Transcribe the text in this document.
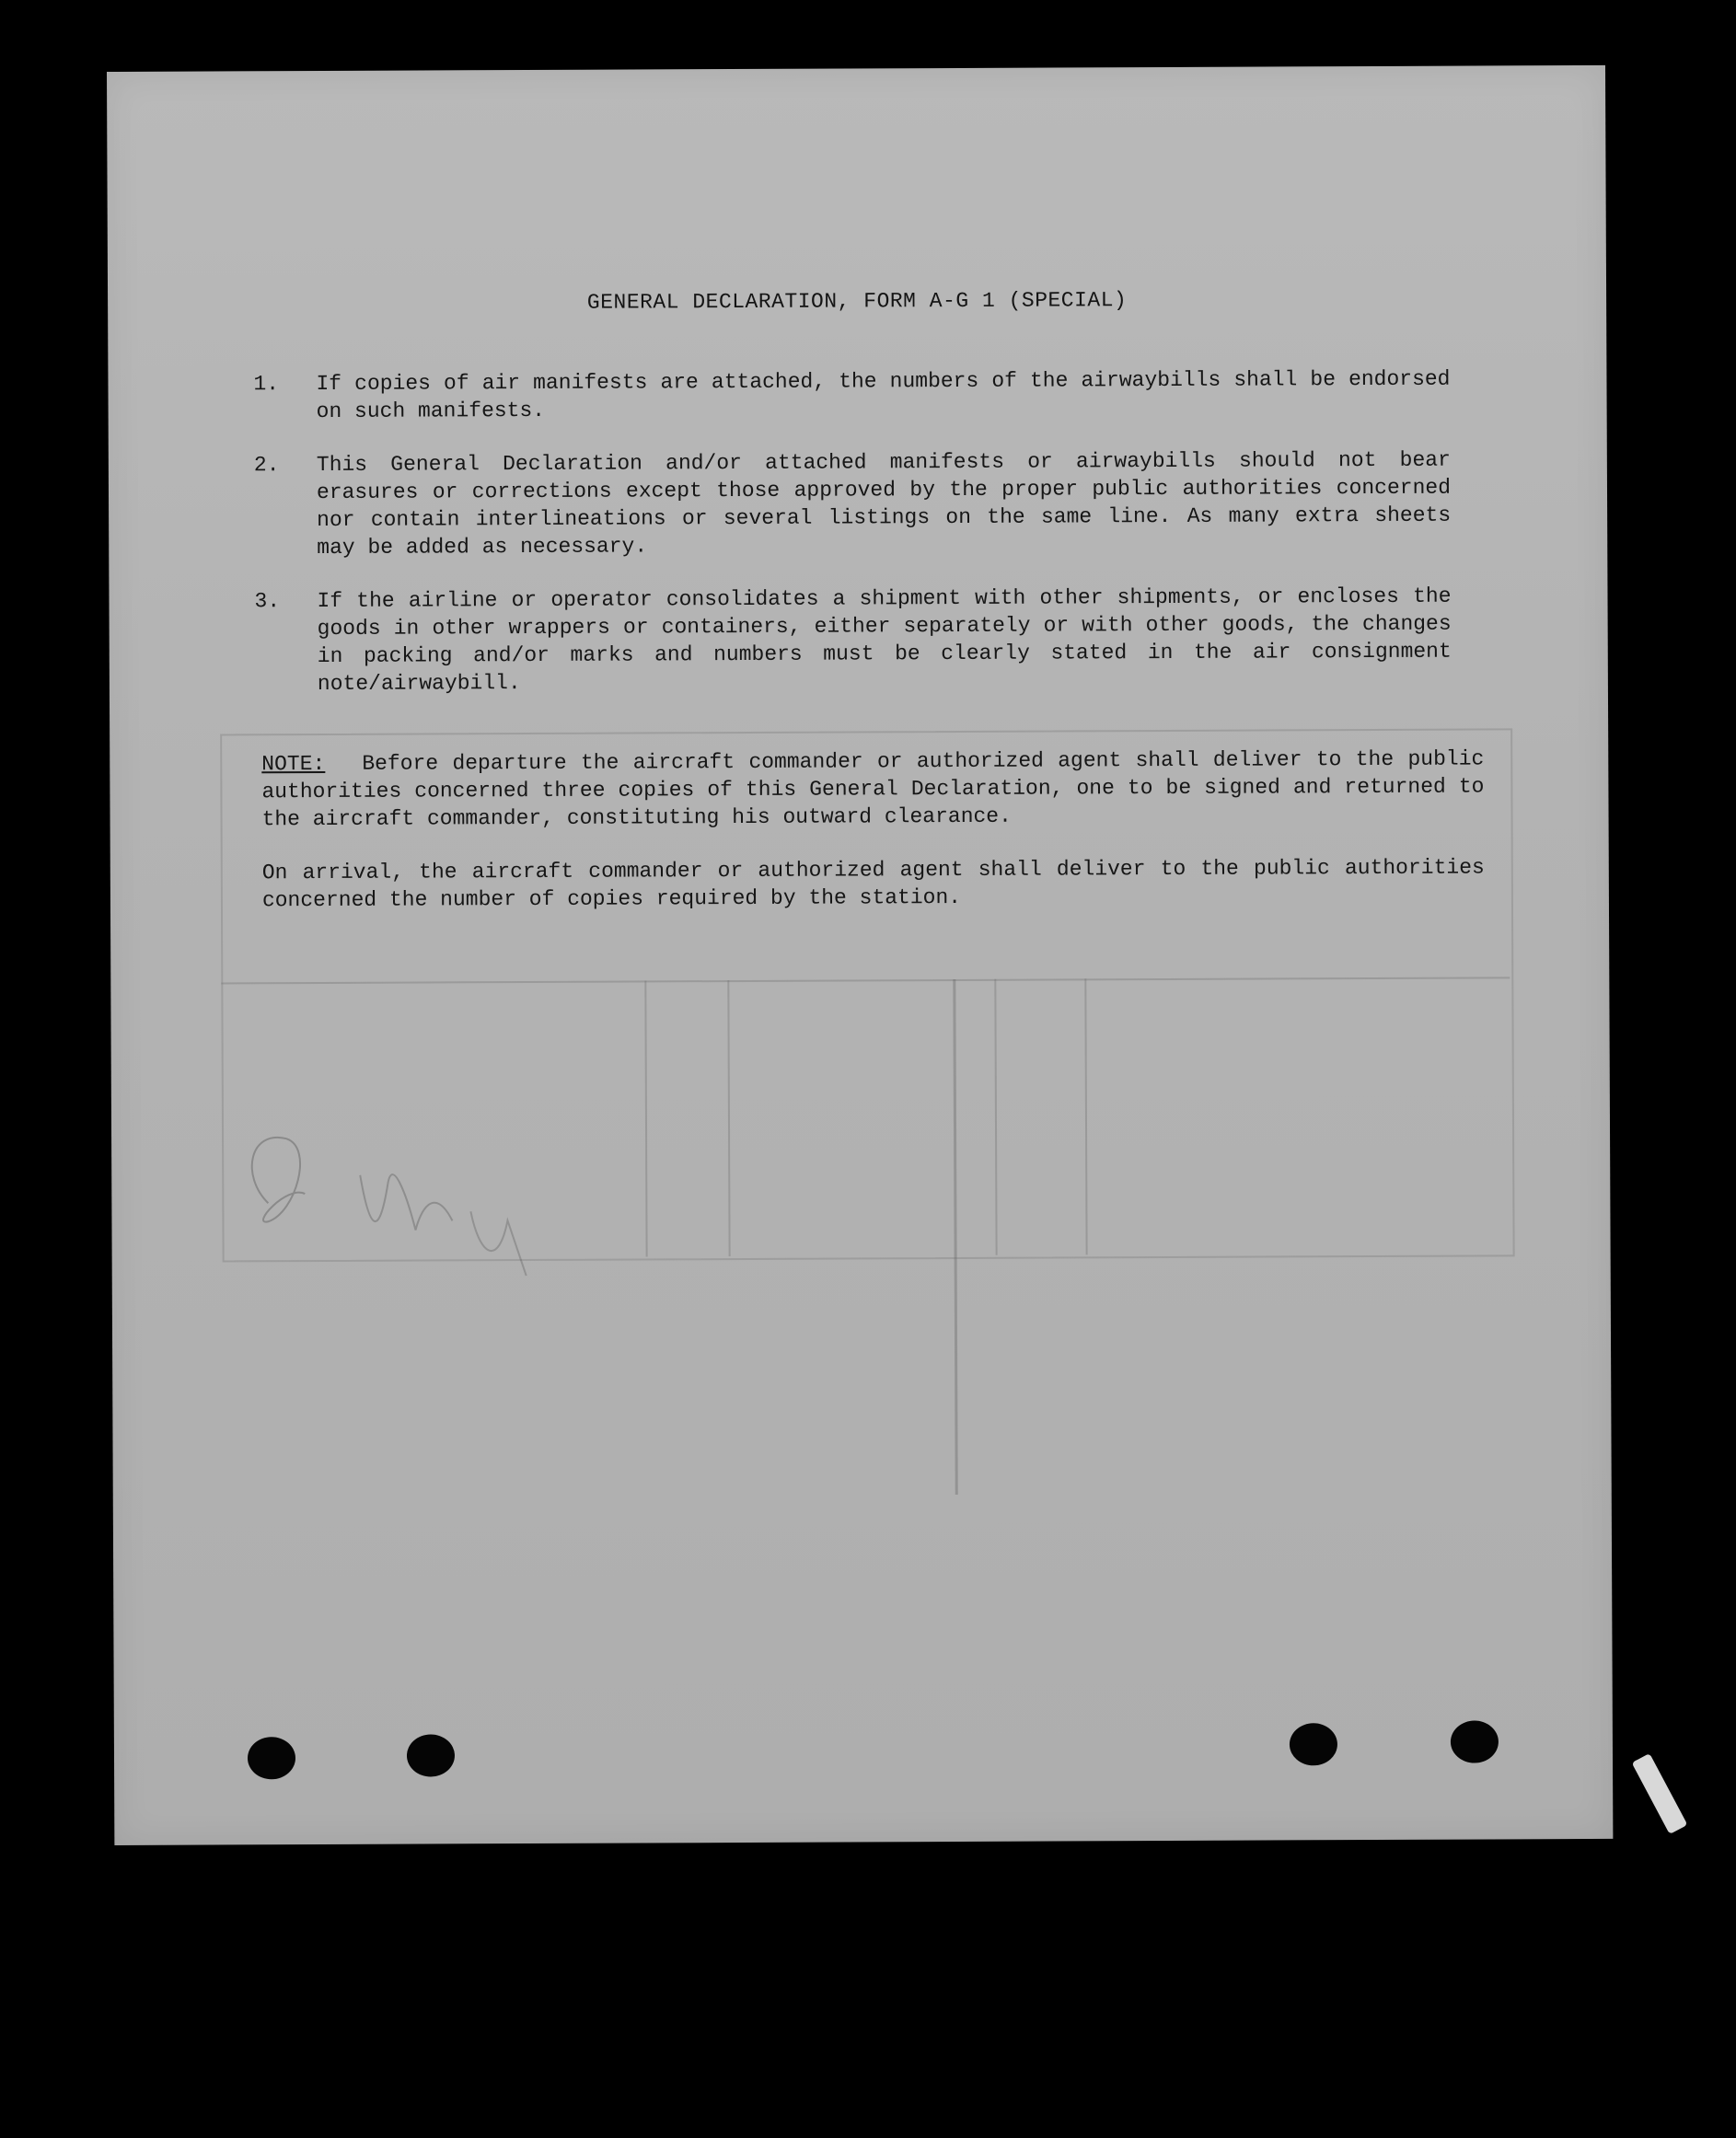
GENERAL DECLARATION, FORM A-G 1 (SPECIAL)
1.	If copies of air manifests are attached, the numbers of the airwaybills shall be endorsed on such manifests.
2.	This General Declaration and/or attached manifests or airwaybills should not bear erasures or corrections except those approved by the proper public authorities concerned nor contain interlineations or several listings on the same line. As many extra sheets may be added as necessary.
3.	If the airline or operator consolidates a shipment with other shipments, or encloses the goods in other wrappers or containers, either separately or with other goods, the changes in packing and/or marks and numbers must be clearly stated in the air consignment note/airwaybill.

NOTE: Before departure the aircraft commander or authorized agent shall deliver to the public authorities concerned three copies of this General Declaration, one to be signed and returned to the aircraft commander, constituting his outward clearance.

On arrival, the aircraft commander or authorized agent shall deliver to the public authorities concerned the number of copies required by the station.
